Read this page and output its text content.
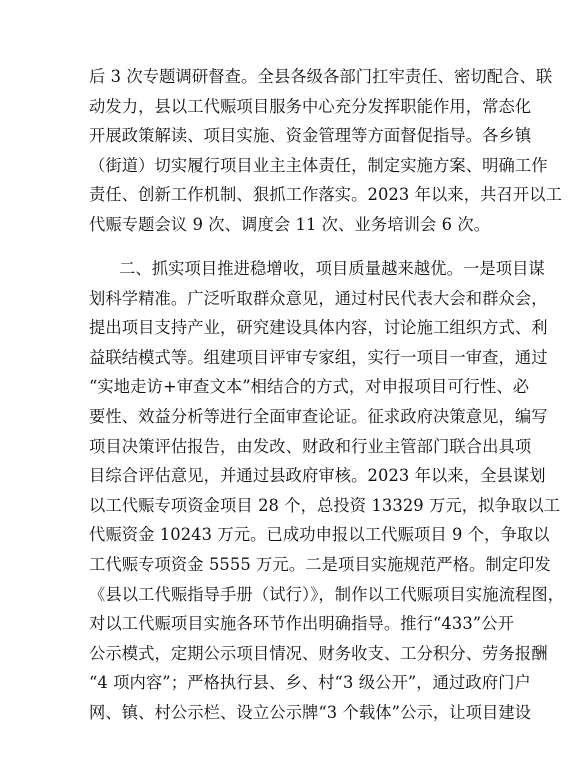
后 3 次专题调研督查。全县各级各部门扛牢责任、密切配合、联
动发力，县以工代赈项目服务中心充分发挥职能作用，常态化
开展政策解读、项目实施、资金管理等方面督促指导。各乡镇
（街道）切实履行项目业主主体责任，制定实施方案、明确工作
责任、创新工作机制、狠抓工作落实。2023 年以来，共召开以工
代赈专题会议 9 次、调度会 11 次、业务培训会 6 次。
二、抓实项目推进稳增收，项目质量越来越优。一是项目谋
划科学精准。广泛听取群众意见，通过村民代表大会和群众会，
提出项目支持产业，研究建设具体内容，讨论施工组织方式、利
益联结模式等。组建项目评审专家组，实行一项目一审查，通过
“实地走访+审查文本”相结合的方式，对申报项目可行性、必
要性、效益分析等进行全面审查论证。征求政府决策意见，编写
项目决策评估报告，由发改、财政和行业主管部门联合出具项
目综合评估意见，并通过县政府审核。2023 年以来，全县谋划
以工代赈专项资金项目 28 个，总投资 13329 万元，拟争取以工
代赈资金 10243 万元。已成功申报以工代赈项目 9 个，争取以
工代赈专项资金 5555 万元。二是项目实施规范严格。制定印发
《县以工代赈指导手册（试行）》，制作以工代赈项目实施流程图，
对以工代赈项目实施各环节作出明确指导。推行“433”公开
公示模式，定期公示项目情况、财务收支、工分积分、劳务报酬
“4 项内容”；严格执行县、乡、村“3 级公开”，通过政府门户
网、镇、村公示栏、设立公示牌“3 个载体”公示，让项目建设
